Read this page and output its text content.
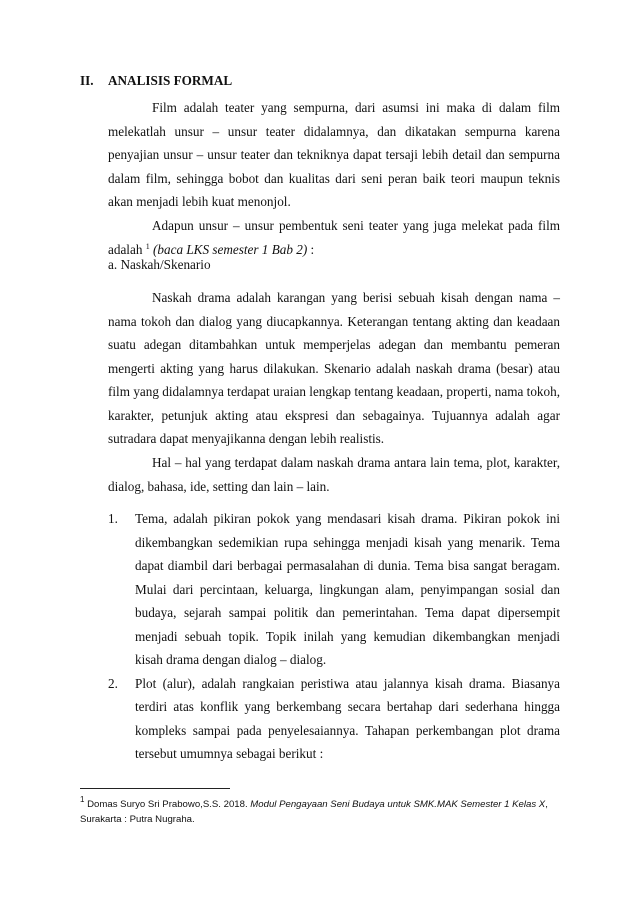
II. ANALISIS FORMAL

Film adalah teater yang sempurna, dari asumsi ini maka di dalam film melekatlah unsur – unsur teater didalamnya, dan dikatakan sempurna karena penyajian unsur – unsur teater dan tekniknya dapat tersaji lebih detail dan sempurna dalam film, sehingga bobot dan kualitas dari seni peran baik teori maupun teknis akan menjadi lebih kuat menonjol.

Adapun unsur – unsur pembentuk seni teater yang juga melekat pada film adalah $^1$ (baca LKS semester 1 Bab 2) :

a. Naskah/Skenario

Naskah drama adalah karangan yang berisi sebuah kisah dengan nama – nama tokoh dan dialog yang diucapkannya. Keterangan tentang akting dan keadaan suatu adegan ditambahkan untuk memperjelas adegan dan membantu pemeran mengerti akting yang harus dilakukan. Skenario adalah naskah drama (besar) atau film yang didalamnya terdapat uraian lengkap tentang keadaan, properti, nama tokoh, karakter, petunjuk akting atau ekspresi dan sebagainya. Tujuannya adalah agar sutradara dapat menyajikanna dengan lebih realistis.

Hal – hal yang terdapat dalam naskah drama antara lain tema, plot, karakter, dialog, bahasa, ide, setting dan lain – lain.

1. Tema, adalah pikiran pokok yang mendasari kisah drama. Pikiran pokok ini dikembangkan sedemikian rupa sehingga menjadi kisah yang menarik. Tema dapat diambil dari berbagai permasalahan di dunia. Tema bisa sangat beragam. Mulai dari percintaan, keluarga, lingkungan alam, penyimpangan sosial dan budaya, sejarah sampai politik dan pemerintahan. Tema dapat dipersempit menjadi sebuah topik. Topik inilah yang kemudian dikembangkan menjadi kisah drama dengan dialog – dialog.
2. Plot (alur), adalah rangkaian peristiwa atau jalannya kisah drama. Biasanya terdiri atas konflik yang berkembang secara bertahap dari sederhana hingga kompleks sampai pada penyelesaiannya. Tahapan perkembangan plot drama tersebut umumnya sebagai berikut :
$^1$ Domas Suryo Sri Prabowo,S.S. 2018. Modul Pengayaan Seni Budaya untuk SMK.MAK Semester 1 Kelas X, Surakarta : Putra Nugraha.
